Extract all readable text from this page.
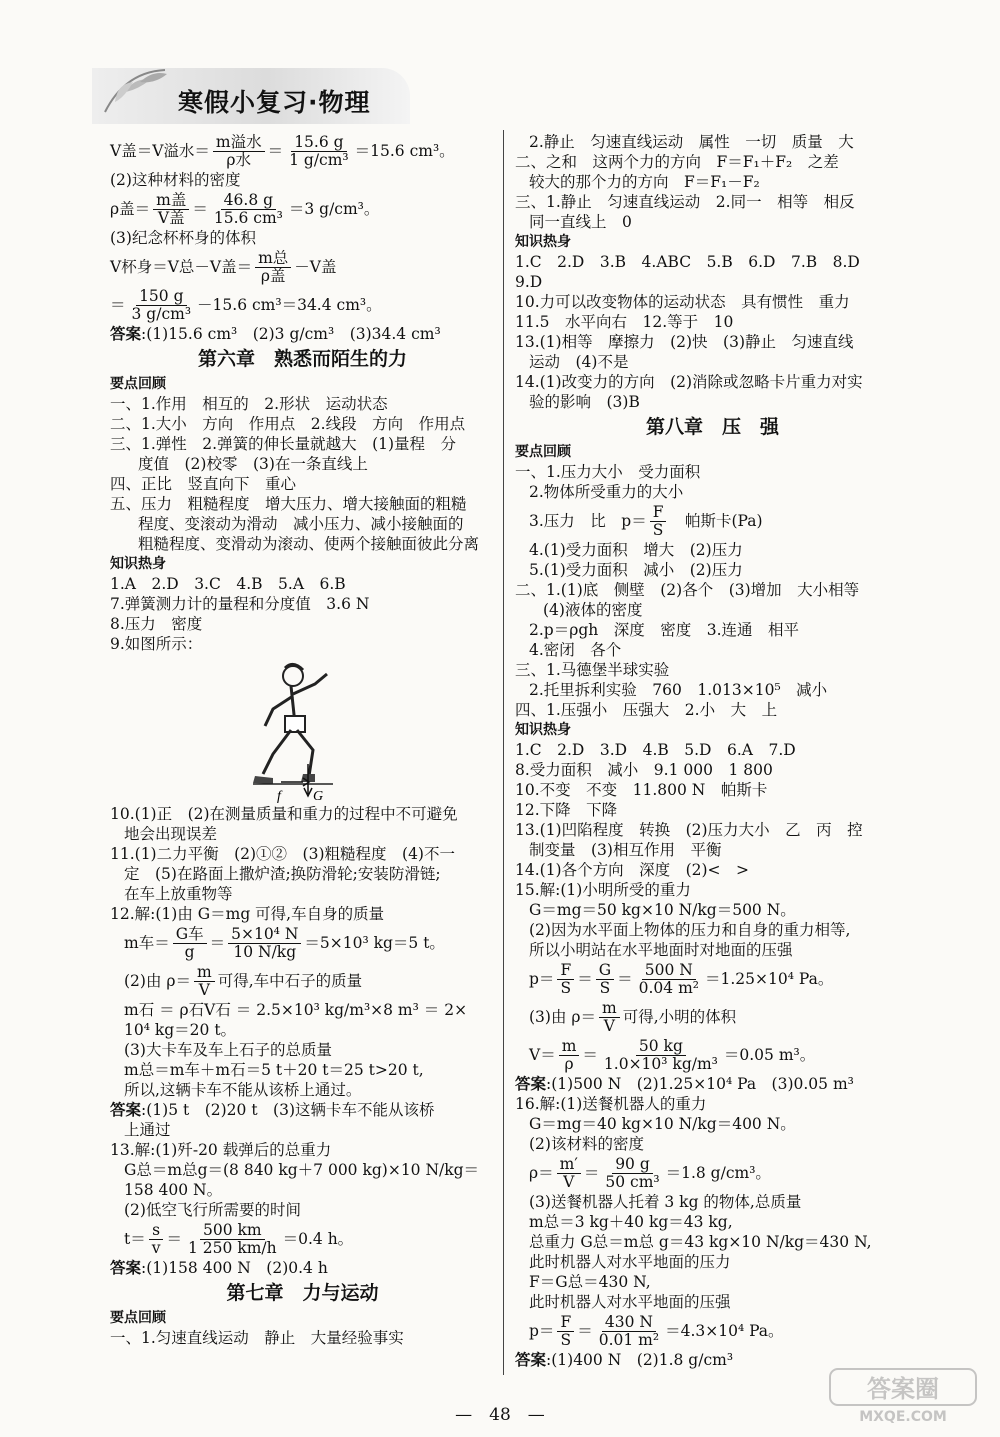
寒假小复习·物理
V盖＝V溢水＝ $\frac{\text{m溢水}}{\text{ρ水}} = \frac{15.6 g}{\text{1 g/cm³}} =15.6$ cm³。
(2)这种材料的密度
ρ盖＝ $\frac{\text{m盖}}{\text{V盖}} = \frac{46.8 g}{\text{15.6 cm³}} =3$ g/cm³。
(3)纪念杯杯身的体积
V杯身＝V总－V盖＝ $\frac{\text{m总}}{\text{ρ盖}} -V$盖
＝ $\frac{150 g}{\text{3 g/cm³}} -15.6$ cm³＝34.4 cm³。
答案:(1)15.6 cm³　(2)3 g/cm³　(3)34.4 cm³
第六章　熟悉而陌生的力
要点回顾
一、1.作用　相互的　2.形状　运动状态
二、1.大小　方向　作用点　2.线段　方向　作用点
三、1.弹性　2.弹簧的伸长量就越大　(1)量程　分
度值　(2)校零　(3)在一条直线上
四、正比　竖直向下　重心
五、压力　粗糙程度　增大压力、增大接触面的粗糙
程度、变滚动为滑动　减小压力、减小接触面的
粗糙程度、变滑动为滚动、使两个接触面彼此分离
知识热身
1.A　2.D　3.C　4.B　5.A　6.B
7.弹簧测力计的量程和分度值　3.6 N
8.压力　密度
9.如图所示：
f G
10.(1)正　(2)在测量质量和重力的过程中不可避免
地会出现误差
11.(1)二力平衡　(2)①②　(3)粗糙程度　(4)不一
定　(5)在路面上撒炉渣;换防滑轮;安装防滑链;
在车上放重物等
12.解:(1)由 G＝mg 可得,车自身的质量
m车＝ $\frac{\text{G车}}{g} = \frac{\text{5×10⁴ N}}{10 N/kg} =5\times 10^3$ kg＝5 t。
(2)由 $\rho= \frac{m}{V}$ 可得,车中石子的质量
m石 ＝ ρ石V石 ＝ 2.5×10³ kg/m³×8 m³ ＝ 2×
10⁴ kg＝20 t。
(3)大卡车及车上石子的总质量
m总＝m车＋m石＝5 t＋20 t＝25 t>20 t,
所以,这辆卡车不能从该桥上通过。
答案:(1)5 t　(2)20 t　(3)这辆卡车不能从该桥
上通过
13.解:(1)歼-20 载弹后的总重力
G总＝m总g＝(8 840 kg＋7 000 kg)×10 N/kg＝
158 400 N。
(2)低空飞行所需要的时间
$t= \frac{s}{v} = \frac{500 km}{1 250 km/h} =0.4$ h。
答案:(1)158 400 N　(2)0.4 h
第七章　力与运动
要点回顾
一、1.匀速直线运动　静止　大量经验事实
2.静止　匀速直线运动　属性　一切　质量　大
二、之和　这两个力的方向　F＝F₁＋F₂　之差
较大的那个力的方向　F＝F₁－F₂
三、1.静止　匀速直线运动　2.同一　相等　相反
同一直线上　0
知识热身
1.C　2.D　3.B　4.ABC　5.B　6.D　7.B　8.D
9.D
10.力可以改变物体的运动状态　具有惯性　重力
11.5　水平向右　12.等于　10
13.(1)相等　摩擦力　(2)快　(3)静止　匀速直线
运动　(4)不是
14.(1)改变力的方向　(2)消除或忽略卡片重力对实
验的影响　(3)B
第八章　压　强
要点回顾
一、1.压力大小　受力面积
2.物体所受重力的大小
3.压力　比　$p= \frac{F}{S}$ 　帕斯卡(Pa)
4.(1)受力面积　增大　(2)压力
5.(1)受力面积　减小　(2)压力
二、1.(1)底　侧壁　(2)各个　(3)增加　大小相等
(4)液体的密度
2.p＝ρgh　深度　密度　3.连通　相平
4.密闭　各个
三、1.马德堡半球实验
2.托里拆利实验　760　1.013×10⁵　减小
四、1.压强小　压强大　2.小　大　上
知识热身
1.C　2.D　3.D　4.B　5.D　6.A　7.D
8.受力面积　减小　9.1 000　1 800
10.不变　不变　11.800 N　帕斯卡
12.下降　下降
13.(1)凹陷程度　转换　(2)压力大小　乙　丙　控
制变量　(3)相互作用　平衡
14.(1)各个方向　深度　(2)<　>
15.解:(1)小明所受的重力
G＝mg＝50 kg×10 N/kg＝500 N。
(2)因为水平面上物体的压力和自身的重力相等,
所以小明站在水平地面时对地面的压强
$p= \frac{F}{S} = \frac{G}{S} = \frac{500 N}{\text{0.04 m²}} =1.25\times 10^4$ Pa。
(3)由 $\rho= \frac{m}{V}$ 可得,小明的体积
$V= \frac{m}{\rho} = \frac{50 kg}{\text{1.0×10³ kg/m³}} =0.05$ m³。
答案:(1)500 N　(2)1.25×10⁴ Pa　(3)0.05 m³
16.解:(1)送餐机器人的重力
G＝mg＝40 kg×10 N/kg＝400 N。
(2)该材料的密度
$\rho= \frac{m'}{V} = \frac{90 g}{\text{50 cm³}} =1.8$ g/cm³。
(3)送餐机器人托着 3 kg 的物体,总质量
m总＝3 kg＋40 kg＝43 kg,
总重力 G总＝m总 g＝43 kg×10 N/kg＝430 N,
此时机器人对水平地面的压力
F＝G总＝430 N,
此时机器人对水平地面的压强
$p= \frac{F}{S} = \frac{430 N}{\text{0.01 m²}} =4.3\times 10^4$ Pa。
答案:(1)400 N　(2)1.8 g/cm³
—　48　—
答案圈
MXQE.COM
